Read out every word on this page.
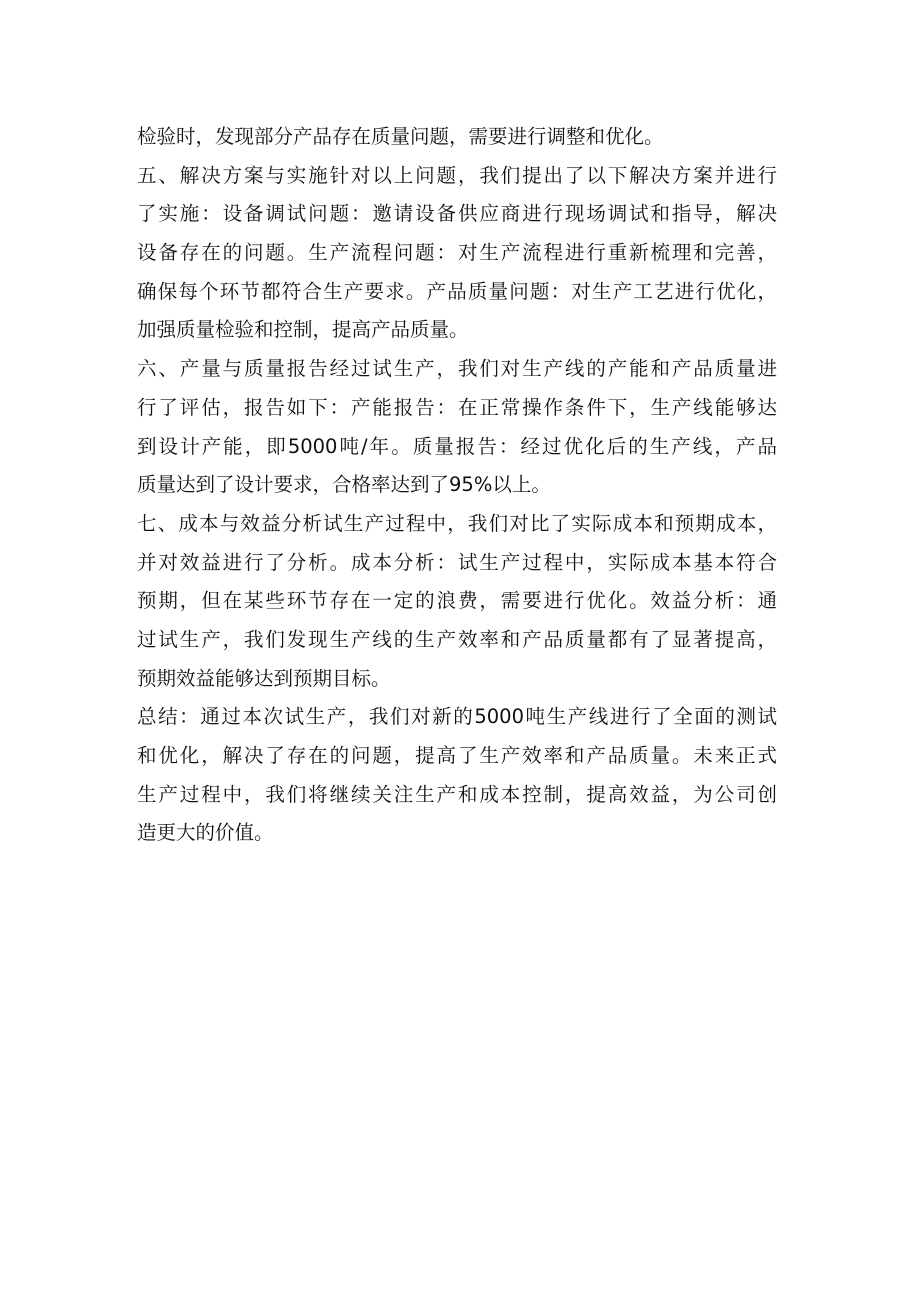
检验时，发现部分产品存在质量问题，需要进行调整和优化。
五、解决方案与实施针对以上问题，我们提出了以下解决方案并进行
了实施：设备调试问题：邀请设备供应商进行现场调试和指导，解决
设备存在的问题。生产流程问题：对生产流程进行重新梳理和完善，
确保每个环节都符合生产要求。产品质量问题：对生产工艺进行优化，
加强质量检验和控制，提高产品质量。
六、产量与质量报告经过试生产，我们对生产线的产能和产品质量进
行了评估，报告如下：产能报告：在正常操作条件下，生产线能够达
到设计产能，即5000吨/年。质量报告：经过优化后的生产线，产品
质量达到了设计要求，合格率达到了95%以上。
七、成本与效益分析试生产过程中，我们对比了实际成本和预期成本，
并对效益进行了分析。成本分析：试生产过程中，实际成本基本符合
预期，但在某些环节存在一定的浪费，需要进行优化。效益分析：通
过试生产，我们发现生产线的生产效率和产品质量都有了显著提高，
预期效益能够达到预期目标。
总结：通过本次试生产，我们对新的5000吨生产线进行了全面的测试
和优化，解决了存在的问题，提高了生产效率和产品质量。未来正式
生产过程中，我们将继续关注生产和成本控制，提高效益，为公司创
造更大的价值。
